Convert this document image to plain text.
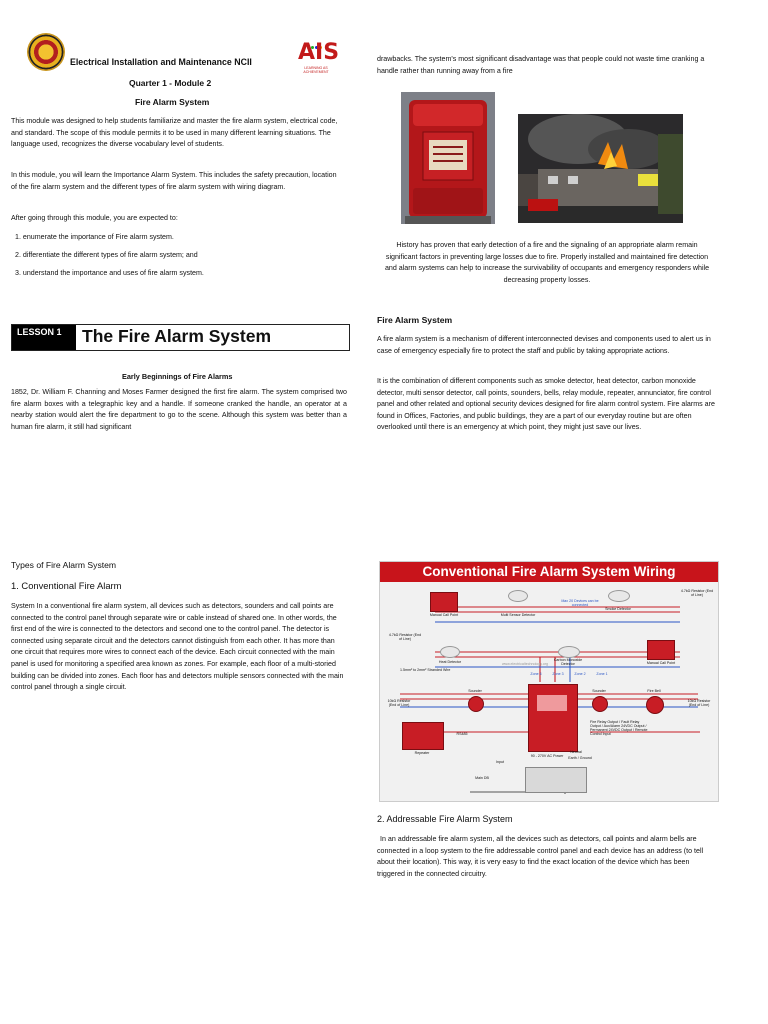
AIS
LEARNING AS ACHIEVEMENT
Electrical Installation and Maintenance NCII
Quarter 1 - Module 2
Fire Alarm System

This module was designed to help students familiarize and master the fire alarm system, electrical code, and standard. The scope of this module permits it to be used in many different learning situations. The language used, recognizes the diverse vocabulary level of students.

In this module, you will learn the Importance Alarm System. This includes the safety precaution, location of the fire alarm system and the different types of fire alarm system with wiring diagram.

After going through this module, you are expected to:

1. enumerate the importance of Fire alarm system.

2. differentiate the different types of fire alarm system; and

3. understand the importance and uses of fire alarm system.

LESSON 1	The Fire Alarm System
Early Beginnings of Fire Alarms

1852, Dr. William F. Channing and Moses Farmer designed the first fire alarm. The system comprised two fire alarm boxes with a telegraphic key and a handle. If someone cranked the handle, an operator at a nearby station would alert the fire department to go to the scene. Although this system was better than a human fire alarm, it still had significant

drawbacks. The system's most significant disadvantage was that people could not waste time cranking a handle rather than running away from a fire

History has proven that early detection of a fire and the signaling of an appropriate alarm remain significant factors in preventing large losses due to fire. Properly installed and maintained fire detection and alarm systems can help to increase the survivability of occupants and emergency responders while decreasing property losses.

Fire Alarm System

A fire alarm system is a mechanism of different interconnected devises and components used to alert us in case of emergency especially fire to protect the staff and public by taking appropriate actions.

It is the combination of different components such as smoke detector, heat detector, carbon monoxide detector, multi sensor detector, call points, sounders, bells, relay module, repeater, annunciator, fire control panel and other related and optional security devices designed for fire alarm control system. Fire alarms are found in Offices, Factories, and public buildings, they are a part of our everyday routine but are often overlooked until there is an emergency at which point, they might just save our lives.

Types of Fire Alarm System
1. Conventional Fire Alarm

System In a conventional fire alarm system, all devices such as detectors, sounders and call points are connected to the control panel through separate wire or cable instead of shared one. In other words, the first end of the wire is connected to the detectors and second one to the control panel. The detector is connected using separate circuit and the detectors cannot distinguish from each other. It has more than one circuit that requires more wires to connect each of the device. Each circuit connected with the main panel is used for monitoring a specified area known as zones. For example, each floor of a multi-storied building can be divided into zones. Each floor has and detectors multiple sensors connected with the main control panel through a single circuit.

Conventional Fire Alarm System Wiring
Manual Call Point	Multi Sensor Detector
Max 20 Devices can be connected
Smoke Detector
4.7kΩ Resistor (End of Line)
4.7kΩ Resistor (End of Line)
Heat Detector	Carbon Monoxide Detector	Manual Call Point
1.5mm² to 2mm² Stranded Wire
www.electricaltechnology.org
Zone 4	Zone 3	Zone 2	Zone 1
Sounder	Sounder	Fire Bell
10kΩ Resistor (End of Line)
10kΩ Resistor (End of Line)
Repeater
RS485
Fire Relay Output / Fault Relay Output / Aux/Alarm 24VDC Output / Permanent 24VDC Output / Remote Control Input
90 - 270V AC Power
Neutral
Earth / Ground
Input
Main DB
2. Addressable Fire Alarm System

In an addressable fire alarm system, all the devices such as detectors, call points and alarm bells are connected in a loop system to the fire addressable control panel and each device has an address (to tell about their location). This way, it is very easy to find the exact location of the device which has been triggered in the connected circuitry.
